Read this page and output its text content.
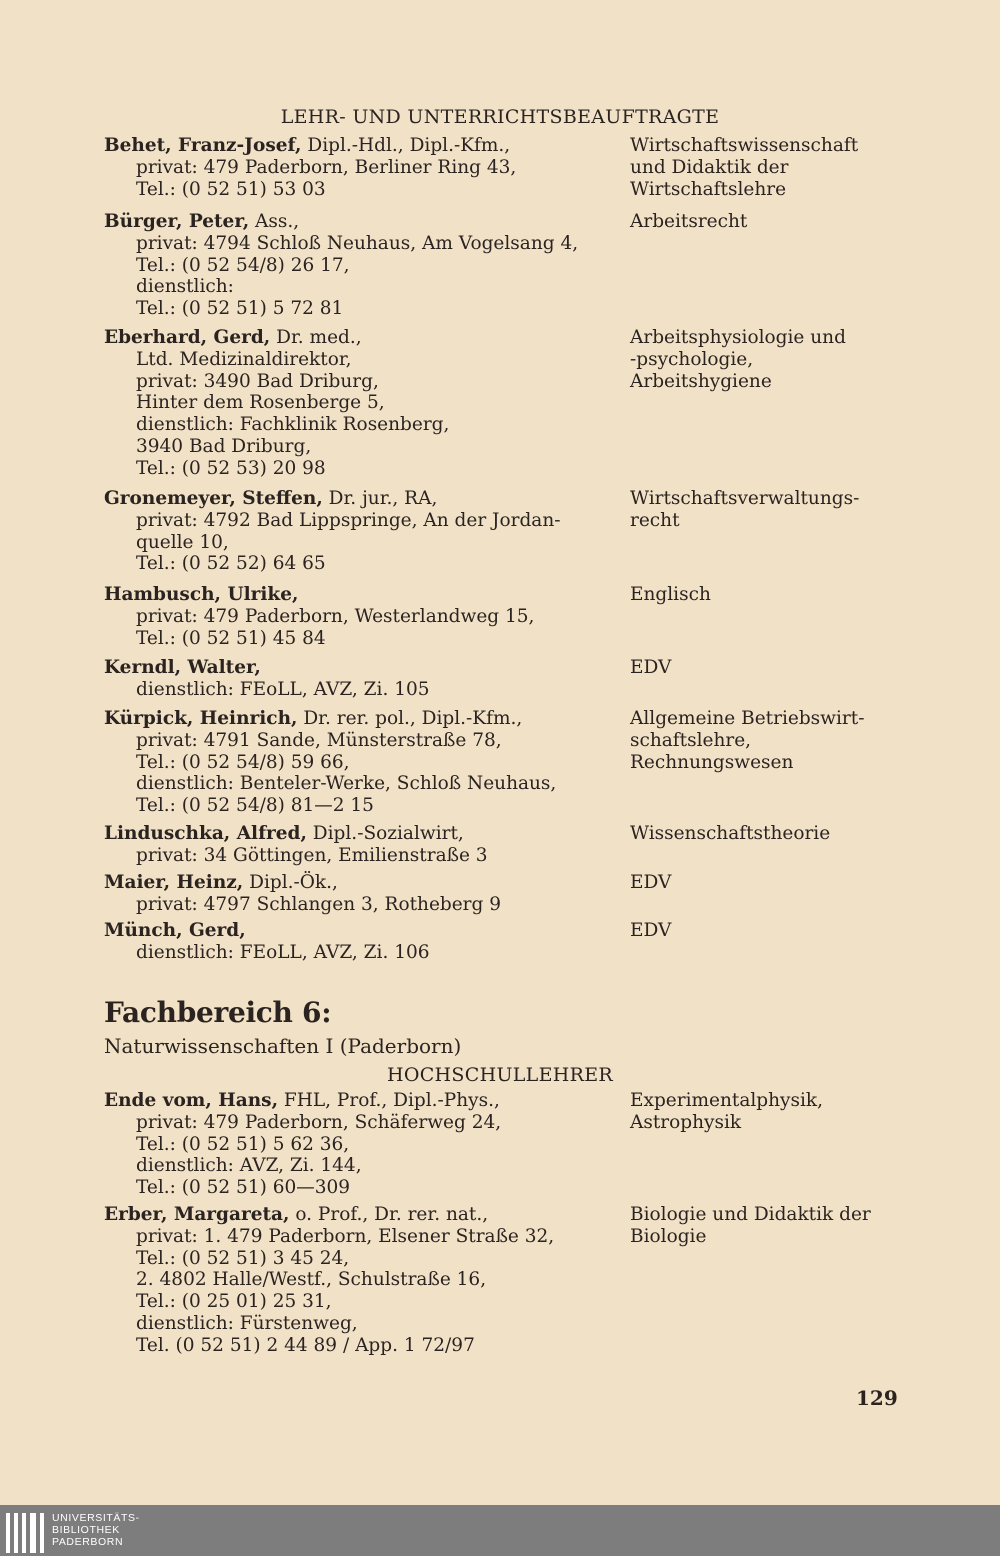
LEHR- UND UNTERRICHTSBEAUFTRAGTE
Behet, Franz-Josef, Dipl.-Hdl., Dipl.-Kfm.,
privat: 479 Paderborn, Berliner Ring 43,
Tel.: (0 52 51) 53 03
Wirtschaftswissenschaft
und Didaktik der
Wirtschaftslehre
Bürger, Peter, Ass.,
privat: 4794 Schloß Neuhaus, Am Vogelsang 4,
Tel.: (0 52 54/8) 26 17,
dienstlich:
Tel.: (0 52 51) 5 72 81
Arbeitsrecht
Eberhard, Gerd, Dr. med.,
Ltd. Medizinaldirektor,
privat: 3490 Bad Driburg,
Hinter dem Rosenberge 5,
dienstlich: Fachklinik Rosenberg,
3940 Bad Driburg,
Tel.: (0 52 53) 20 98
Arbeitsphysiologie und
-psychologie,
Arbeitshygiene
Gronemeyer, Steffen, Dr. jur., RA,
privat: 4792 Bad Lippspringe, An der Jordan-
quelle 10,
Tel.: (0 52 52) 64 65
Wirtschaftsverwaltungs-
recht
Hambusch, Ulrike,
privat: 479 Paderborn, Westerlandweg 15,
Tel.: (0 52 51) 45 84
Englisch
Kerndl, Walter,
dienstlich: FEoLL, AVZ, Zi. 105
EDV
Kürpick, Heinrich, Dr. rer. pol., Dipl.-Kfm.,
privat: 4791 Sande, Münsterstraße 78,
Tel.: (0 52 54/8) 59 66,
dienstlich: Benteler-Werke, Schloß Neuhaus,
Tel.: (0 52 54/8) 81—2 15
Allgemeine Betriebswirt-
schaftslehre,
Rechnungswesen
Linduschka, Alfred, Dipl.-Sozialwirt,
privat: 34 Göttingen, Emilienstraße 3
Wissenschaftstheorie
Maier, Heinz, Dipl.-Ök.,
privat: 4797 Schlangen 3, Rotheberg 9
EDV
Münch, Gerd,
dienstlich: FEoLL, AVZ, Zi. 106
EDV
Fachbereich 6:
Naturwissenschaften I (Paderborn)
HOCHSCHULLEHRER
Ende vom, Hans, FHL, Prof., Dipl.-Phys.,
privat: 479 Paderborn, Schäferweg 24,
Tel.: (0 52 51) 5 62 36,
dienstlich: AVZ, Zi. 144,
Tel.: (0 52 51) 60—309
Experimentalphysik,
Astrophysik
Erber, Margareta, o. Prof., Dr. rer. nat.,
privat: 1. 479 Paderborn, Elsener Straße 32,
Tel.: (0 52 51) 3 45 24,
2. 4802 Halle/Westf., Schulstraße 16,
Tel.: (0 25 01) 25 31,
dienstlich: Fürstenweg,
Tel. (0 52 51) 2 44 89 / App. 1 72/97
Biologie und Didaktik der
Biologie
129
UNIVERSITÄTS-
BIBLIOTHEK
PADERBORN
